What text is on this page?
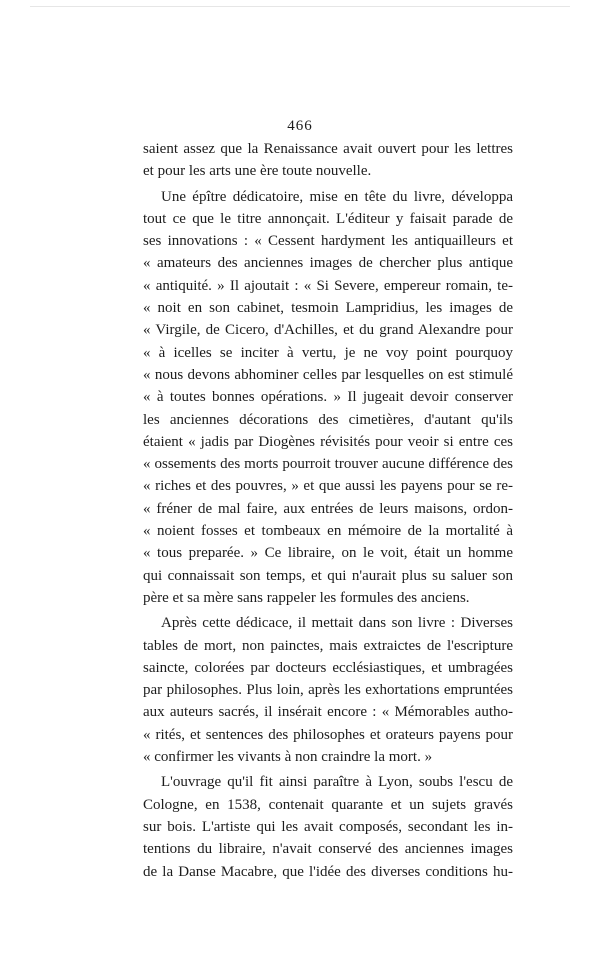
466
saient assez que la Renaissance avait ouvert pour les lettres
et pour les arts une ère toute nouvelle.
Une épître dédicatoire, mise en tête du livre, développa
tout ce que le titre annonçait. L'éditeur y faisait parade de
ses innovations : « Cessent hardyment les antiquailleurs et
« amateurs des anciennes images de chercher plus antique
« antiquité. » Il ajoutait : « Si Severe, empereur romain, te-
« noit en son cabinet, tesmoin Lampridius, les images de
« Virgile, de Cicero, d'Achilles, et du grand Alexandre pour
« à icelles se inciter à vertu, je ne voy point pourquoy
« nous devons abhominer celles par lesquelles on est stimulé
« à toutes bonnes opérations. » Il jugeait devoir conserver
les anciennes décorations des cimetières, d'autant qu'ils
étaient « jadis par Diogènes révisités pour veoir si entre ces
« ossements des morts pourroit trouver aucune différence des
« riches et des pouvres, » et que aussi les payens pour se re-
« fréner de mal faire, aux entrées de leurs maisons, ordon-
« noient fosses et tombeaux en mémoire de la mortalité à
« tous preparée. » Ce libraire, on le voit, était un homme
qui connaissait son temps, et qui n'aurait plus su saluer son
père et sa mère sans rappeler les formules des anciens.
Après cette dédicace, il mettait dans son livre : Diverses
tables de mort, non painctes, mais extraictes de l'escripture
saincte, colorées par docteurs ecclésiastiques, et umbragées
par philosophes. Plus loin, après les exhortations empruntées
aux auteurs sacrés, il insérait encore : « Mémorables autho-
« rités, et sentences des philosophes et orateurs payens pour
« confirmer les vivants à non craindre la mort. »
L'ouvrage qu'il fit ainsi paraître à Lyon, soubs l'escu de
Cologne, en 1538, contenait quarante et un sujets gravés
sur bois. L'artiste qui les avait composés, secondant les in-
tentions du libraire, n'avait conservé des anciennes images
de la Danse Macabre, que l'idée des diverses conditions hu-
